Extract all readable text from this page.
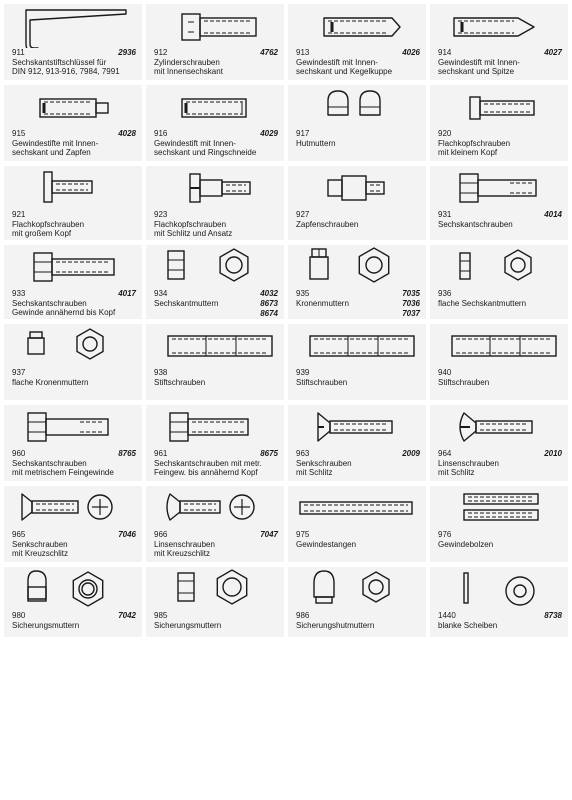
911	2936
Sechskantstiftschlüssel für
DIN 912, 913-916, 7984, 7991
912	4762
Zylinderschrauben
mit Innensechskant
913	4026
Gewindestift mit Innen-
sechskant und Kegelkuppe
914	4027
Gewindestift mit Innen-
sechskant und Spitze
915	4028
Gewindestifte mit Innen-
sechskant und Zapfen
916	4029
Gewindestift mit Innen-
sechskant und Ringschneide
917
Hutmuttern
920
Flachkopfschrauben
mit kleinem Kopf
921
Flachkopfschrauben
mit großem Kopf
923
Flachkopfschrauben
mit Schlitz und Ansatz
927
Zapfenschrauben
931	4014
Sechskantschrauben
933	4017
Sechskantschrauben
Gewinde annähernd bis Kopf
934
Sechskantmuttern
4032
8673
8674
935
Kronenmuttern
7035
7036
7037
936
flache Sechskantmuttern
937
flache Kronenmuttern
938
Stiftschrauben
939
Stiftschrauben
940
Stiftschrauben
960	8765
Sechskantschrauben
mit metrischem Feingewinde
961	8675
Sechskantschrauben mit metr.
Feingew. bis annähernd Kopf
963	2009
Senkschrauben
mit Schlitz
964	2010
Linsenschrauben
mit Schlitz
965	7046
Senkschrauben
mit Kreuzschlitz
966	7047
Linsenschrauben
mit Kreuzschlitz
975
Gewindestangen
976
Gewindebolzen
980	7042
Sicherungsmuttern
985
Sicherungsmuttern
986
Sicherungshutmuttern
1440	8738
blanke Scheiben
